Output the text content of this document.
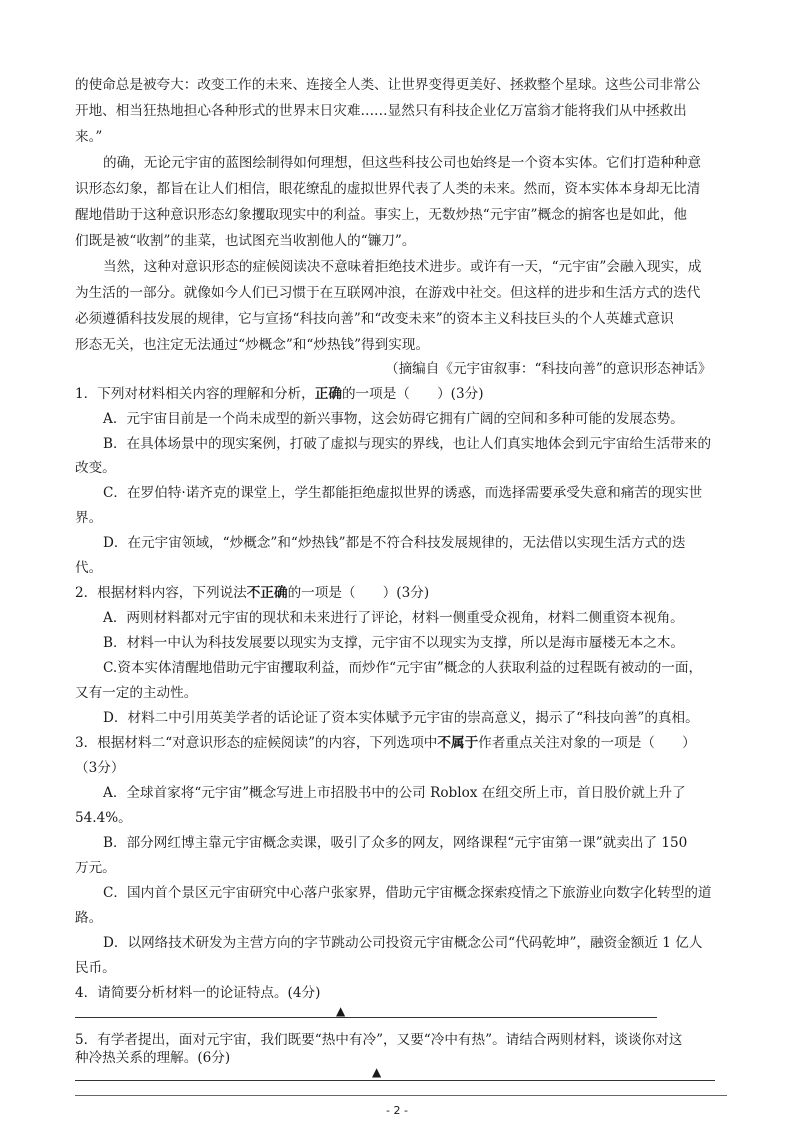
的使命总是被夸大：改变工作的未来、连接全人类、让世界变得更美好、拯救整个星球。这些公司非常公
开地、相当狂热地担心各种形式的世界末日灾难……显然只有科技企业亿万富翁才能将我们从中拯救出
来。”
的确，无论元宇宙的蓝图绘制得如何理想，但这些科技公司也始终是一个资本实体。它们打造种种意
识形态幻象，都旨在让人们相信，眼花缭乱的虚拟世界代表了人类的未来。然而，资本实体本身却无比清
醒地借助于这种意识形态幻象攫取现实中的利益。事实上，无数炒热“元宇宙”概念的掮客也是如此，他
们既是被“收割”的韭菜，也试图充当收割他人的“镰刀”。
当然，这种对意识形态的症候阅读决不意味着拒绝技术进步。或许有一天，“元宇宙”会融入现实，成
为生活的一部分。就像如今人们已习惯于在互联网冲浪，在游戏中社交。但这样的进步和生活方式的迭代
必须遵循科技发展的规律，它与宣扬“科技向善”和“改变未来”的资本主义科技巨头的个人英雄式意识
形态无关，也注定无法通过“炒概念”和“炒热钱”得到实现。
（摘编自《元宇宙叙事：“科技向善”的意识形态神话》
1．下列对材料相关内容的理解和分析，正确的一项是（　　）(3分)
A．元宇宙目前是一个尚未成型的新兴事物，这会妨碍它拥有广阔的空间和多种可能的发展态势。
B．在具体场景中的现实案例，打破了虚拟与现实的界线，也让人们真实地体会到元宇宙给生活带来的
改变。
C．在罗伯特·诺齐克的课堂上，学生都能拒绝虚拟世界的诱惑，而选择需要承受失意和痛苦的现实世
界。
D．在元宇宙领域，“炒概念”和“炒热钱”都是不符合科技发展规律的，无法借以实现生活方式的迭
代。
2．根据材料内容，下列说法不正确的一项是（　　）(3分)
A．两则材料都对元宇宙的现状和未来进行了评论，材料一侧重受众视角，材料二侧重资本视角。
B．材料一中认为科技发展要以现实为支撑，元宇宙不以现实为支撑，所以是海市蜃楼无本之木。
C.资本实体清醒地借助元宇宙攫取利益，而炒作“元宇宙”概念的人获取利益的过程既有被动的一面，
又有一定的主动性。
D．材料二中引用英美学者的话论证了资本实体赋予元宇宙的崇高意义，揭示了“科技向善”的真相。
3．根据材料二“对意识形态的症候阅读”的内容，下列选项中不属于作者重点关注对象的一项是（　　）
（3分）
A．全球首家将“元宇宙”概念写进上市招股书中的公司 Roblox 在纽交所上市，首日股价就上升了
54.4%。
B．部分网红博主靠元宇宙概念卖课，吸引了众多的网友，网络课程“元宇宙第一课”就卖出了 150
万元。
C．国内首个景区元宇宙研究中心落户张家界，借助元宇宙概念探索疫情之下旅游业向数字化转型的道
路。
D．以网络技术研发为主营方向的字节跳动公司投资元宇宙概念公司“代码乾坤”，融资金额近 1 亿人
民币。
4．请简要分析材料一的论证特点。(4分)
▲
5．有学者提出，面对元宇宙，我们既要“热中有冷”，又要“冷中有热”。请结合两则材料，谈谈你对这
种冷热关系的理解。(6分)
▲
- 2 -
